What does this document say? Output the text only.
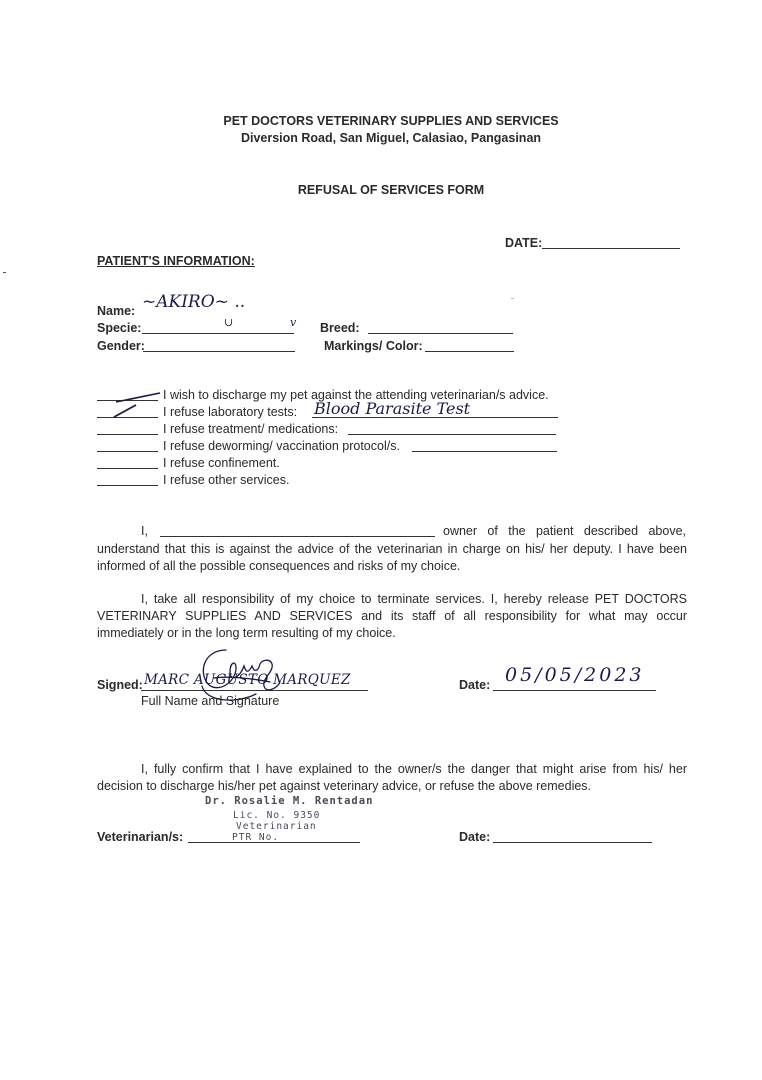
PET DOCTORS VETERINARY SUPPLIES AND SERVICES
Diversion Road, San Miguel, Calasiao, Pangasinan
REFUSAL OF SERVICES FORM
DATE:
PATIENT'S INFORMATION:
Name: ~AKIRO~ ..
Specie:	∪	v Breed:
Gender:	Markings/ Color:
I wish to discharge my pet against the attending veterinarian/s advice.
I refuse laboratory tests: Blood Parasite Test
I refuse treatment/ medications:
I refuse deworming/ vaccination protocol/s.
I refuse confinement.
I refuse other services.
I,	owner of the patient described above,
understand that this is against the advice of the veterinarian in charge on his/ her deputy. I have been informed of all the possible consequences and risks of my choice.

I, take all responsibility of my choice to terminate services. I, hereby release PET DOCTORS VETERINARY SUPPLIES AND SERVICES and its staff of all responsibility for what may occur immediately or in the long term resulting of my choice.

Signed: MARC AUGUSTO MARQUEZ
Full Name and Signature
Date: 05/05/2023

I, fully confirm that I have explained to the owner/s the danger that might arise from his/ her decision to discharge his/her pet against veterinary advice, or refuse the above remedies.

Dr. Rosalie M. Rentadan
Lic. No. 9350
Veterinarian
PTR No.
Veterinarian/s:	Date:
